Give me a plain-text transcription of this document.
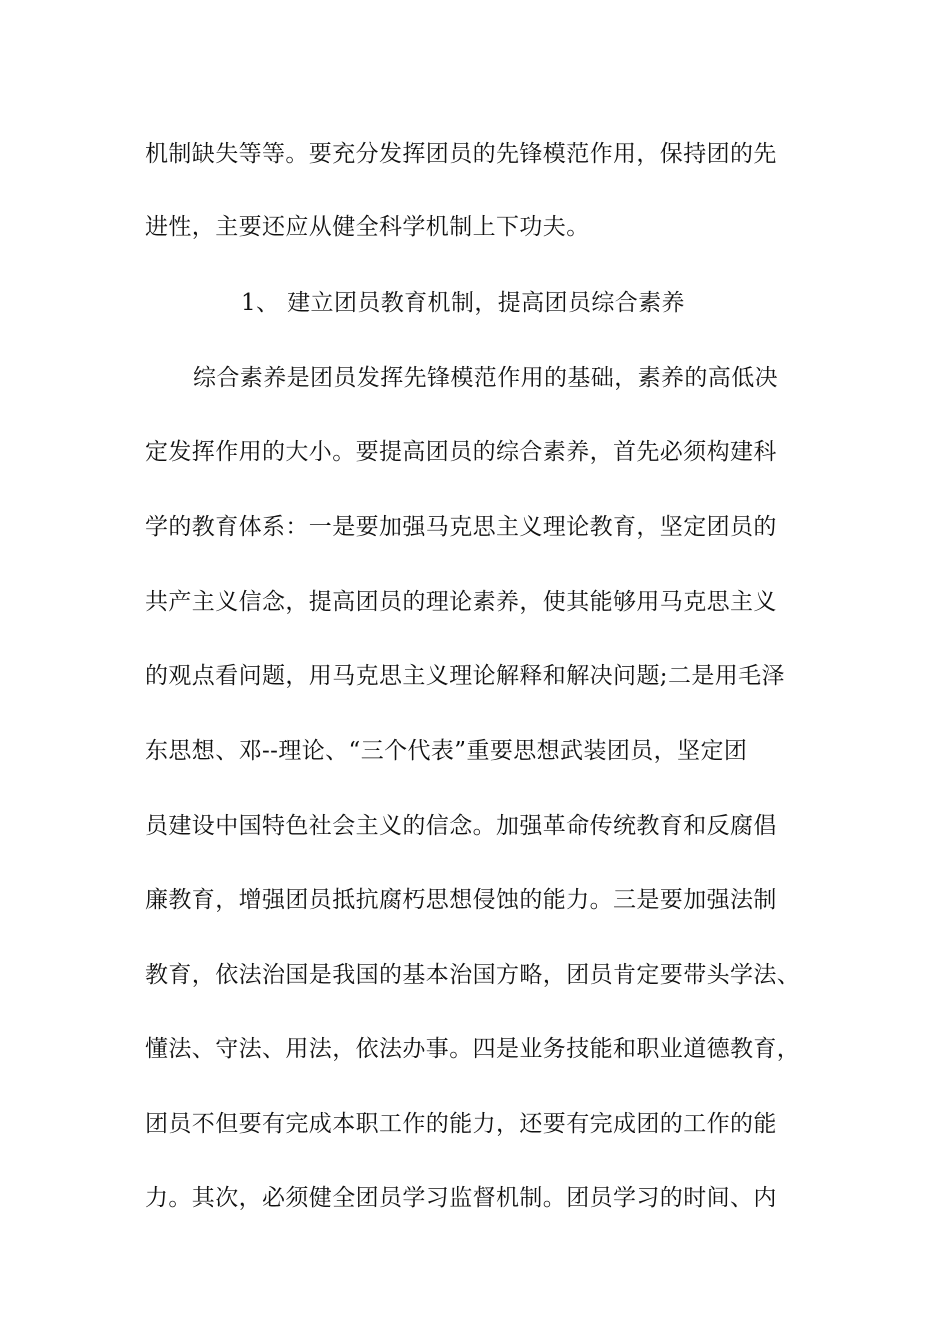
机制缺失等等。要充分发挥团员的先锋模范作用，保持团的先
进性，主要还应从健全科学机制上下功夫。
1、 建立团员教育机制，提高团员综合素养
综合素养是团员发挥先锋模范作用的基础，素养的高低决
定发挥作用的大小。要提高团员的综合素养，首先必须构建科
学的教育体系：一是要加强马克思主义理论教育，坚定团员的
共产主义信念，提高团员的理论素养，使其能够用马克思主义
的观点看问题，用马克思主义理论解释和解决问题;二是用毛泽
东思想、邓--理论、“三个代表”重要思想武装团员，坚定团
员建设中国特色社会主义的信念。加强革命传统教育和反腐倡
廉教育，增强团员抵抗腐朽思想侵蚀的能力。三是要加强法制
教育，依法治国是我国的基本治国方略，团员肯定要带头学法、
懂法、守法、用法，依法办事。四是业务技能和职业道德教育，
团员不但要有完成本职工作的能力，还要有完成团的工作的能
力。其次，必须健全团员学习监督机制。团员学习的时间、内
